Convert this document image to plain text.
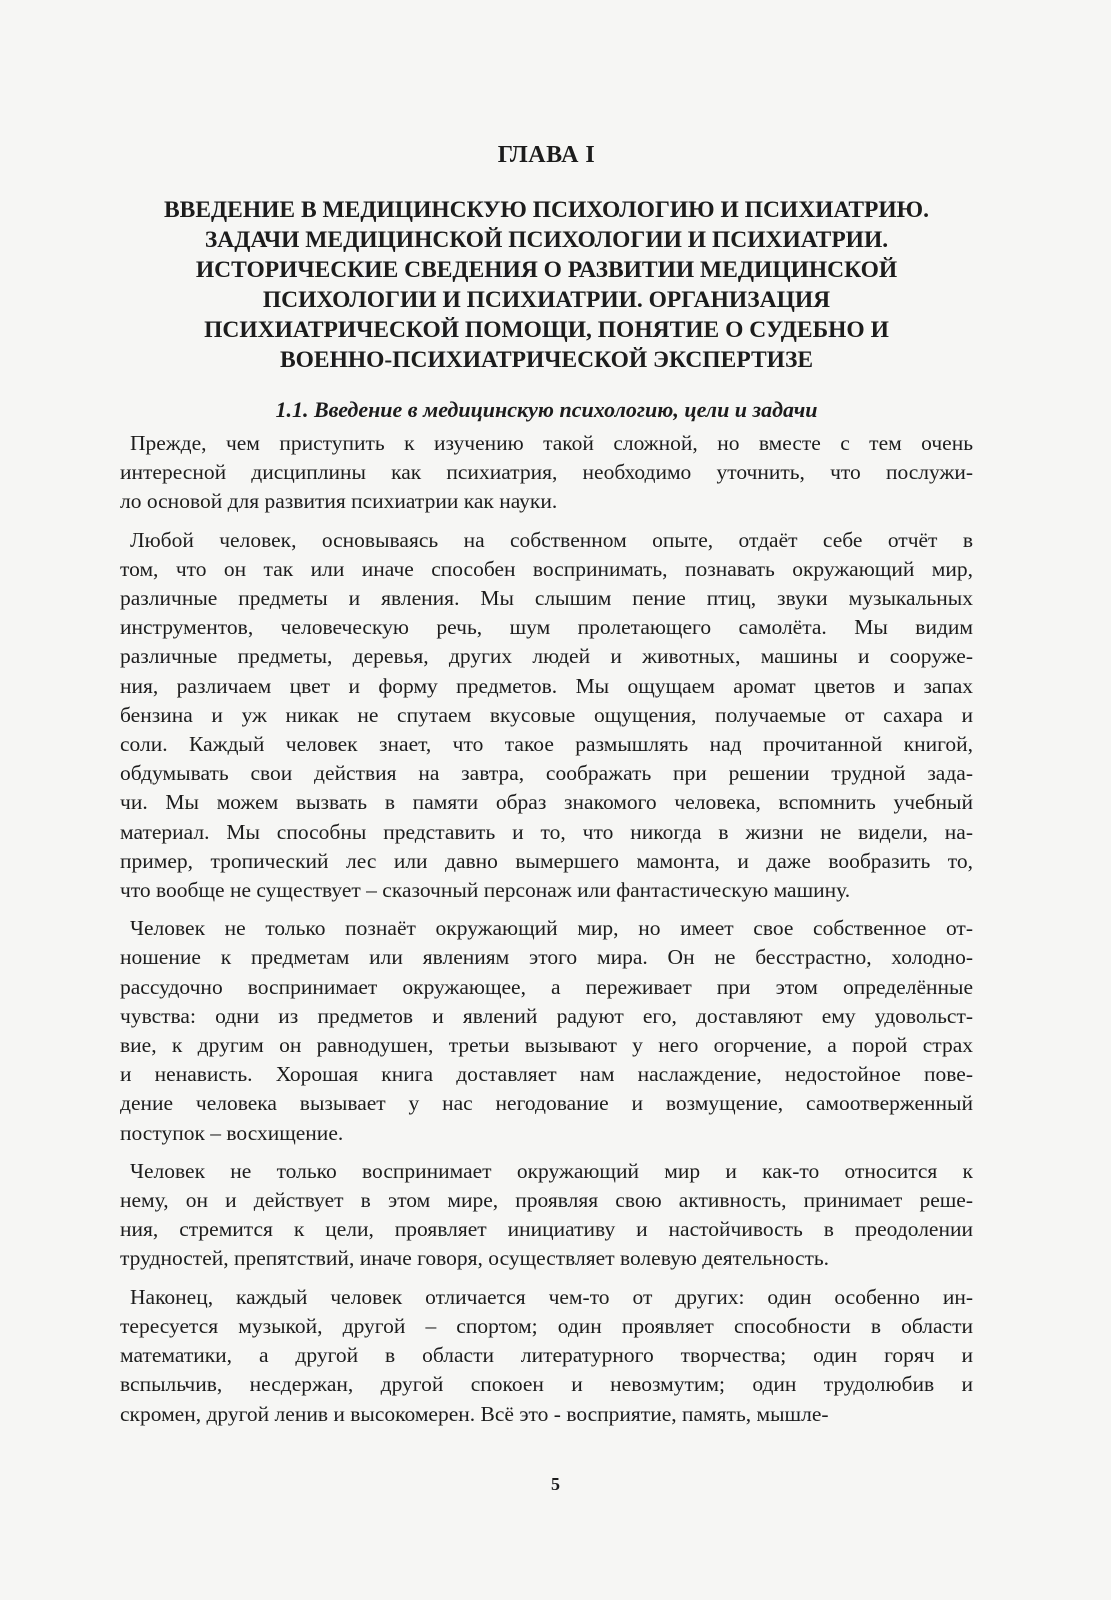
ГЛАВА I
ВВЕДЕНИЕ В МЕДИЦИНСКУЮ ПСИХОЛОГИЮ И ПСИХИАТРИЮ.
ЗАДАЧИ МЕДИЦИНСКОЙ ПСИХОЛОГИИ И ПСИХИАТРИИ.
ИСТОРИЧЕСКИЕ СВЕДЕНИЯ О РАЗВИТИИ МЕДИЦИНСКОЙ
ПСИХОЛОГИИ И ПСИХИАТРИИ. ОРГАНИЗАЦИЯ
ПСИХИАТРИЧЕСКОЙ ПОМОЩИ, ПОНЯТИЕ О СУДЕБНО И
ВОЕННО-ПСИХИАТРИЧЕСКОЙ ЭКСПЕРТИЗЕ
1.1. Введение в медицинскую психологию, цели и задачи

Прежде, чем приступить к изучению такой сложной, но вместе с тем очень
интересной дисциплины как психиатрия, необходимо уточнить, что послужи-
ло основой для развития психиатрии как науки.

Любой человек, основываясь на собственном опыте, отдаёт себе отчёт в
том, что он так или иначе способен воспринимать, познавать окружающий мир,
различные предметы и явления. Мы слышим пение птиц, звуки музыкальных
инструментов, человеческую речь, шум пролетающего самолёта. Мы видим
различные предметы, деревья, других людей и животных, машины и сооруже-
ния, различаем цвет и форму предметов. Мы ощущаем аромат цветов и запах
бензина и уж никак не спутаем вкусовые ощущения, получаемые от сахара и
соли. Каждый человек знает, что такое размышлять над прочитанной книгой,
обдумывать свои действия на завтра, соображать при решении трудной зада-
чи. Мы можем вызвать в памяти образ знакомого человека, вспомнить учебный
материал. Мы способны представить и то, что никогда в жизни не видели, на-
пример, тропический лес или давно вымершего мамонта, и даже вообразить то,
что вообще не существует – сказочный персонаж или фантастическую машину.

Человек не только познаёт окружающий мир, но имеет свое собственное от-
ношение к предметам или явлениям этого мира. Он не бесстрастно, холодно-
рассудочно воспринимает окружающее, а переживает при этом определённые
чувства: одни из предметов и явлений радуют его, доставляют ему удовольст-
вие, к другим он равнодушен, третьи вызывают у него огорчение, а порой страх
и ненависть. Хорошая книга доставляет нам наслаждение, недостойное пове-
дение человека вызывает у нас негодование и возмущение, самоотверженный
поступок – восхищение.

Человек не только воспринимает окружающий мир и как-то относится к
нему, он и действует в этом мире, проявляя свою активность, принимает реше-
ния, стремится к цели, проявляет инициативу и настойчивость в преодолении
трудностей, препятствий, иначе говоря, осуществляет волевую деятельность.

Наконец, каждый человек отличается чем-то от других: один особенно ин-
тересуется музыкой, другой – спортом; один проявляет способности в области
математики, а другой в области литературного творчества; один горяч и
вспыльчив, несдержан, другой спокоен и невозмутим; один трудолюбив и
скромен, другой ленив и высокомерен. Всё это - восприятие, память, мышле-

5
